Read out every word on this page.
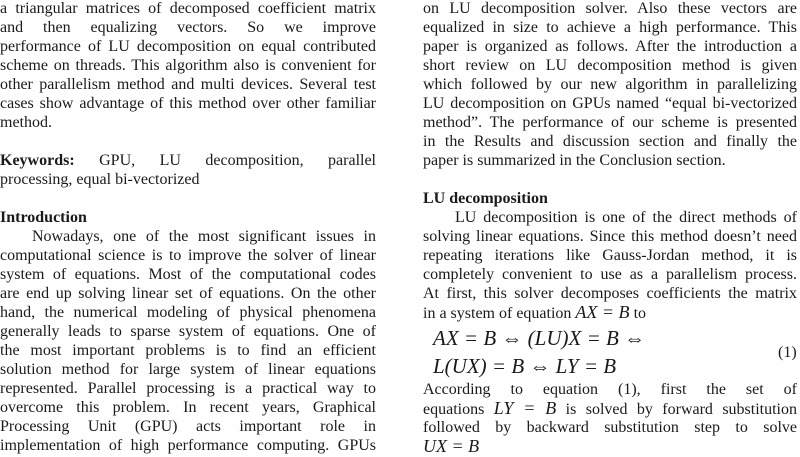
a triangular matrices of decomposed coefficient matrix
and then equalizing vectors. So we improve
performance of LU decomposition on equal contributed
scheme on threads. This algorithm also is convenient for
other parallelism method and multi devices. Several test
cases show advantage of this method over other familiar
method.
Keywords: GPU, LU decomposition, parallel
processing, equal bi-vectorized
Introduction
Nowadays, one of the most significant issues in
computational science is to improve the solver of linear
system of equations. Most of the computational codes
are end up solving linear set of equations. On the other
hand, the numerical modeling of physical phenomena
generally leads to sparse system of equations. One of
the most important problems is to find an efficient
solution method for large system of linear equations
represented. Parallel processing is a practical way to
overcome this problem. In recent years, Graphical
Processing Unit (GPU) acts important role in
implementation of high performance computing. GPUs
on LU decomposition solver. Also these vectors are
equalized in size to achieve a high performance. This
paper is organized as follows. After the introduction a
short review on LU decomposition method is given
which followed by our new algorithm in parallelizing
LU decomposition on GPUs named “equal bi-vectorized
method”. The performance of our scheme is presented
in the Results and discussion section and finally the
paper is summarized in the Conclusion section.
LU decomposition
LU decomposition is one of the direct methods of
solving linear equations. Since this method doesn’t need
repeating iterations like Gauss-Jordan method, it is
completely convenient to use as a parallelism process.
At first, this solver decomposes coefficients the matrix
in a system of equation AX = B to
AX = B ⇔ (LU)X = B ⇔
L(UX) = B ⇔ LY = B
(1)
According to equation (1), first the set of
equations LY = B is solved by forward substitution
followed by backward substitution step to solve
UX = B
